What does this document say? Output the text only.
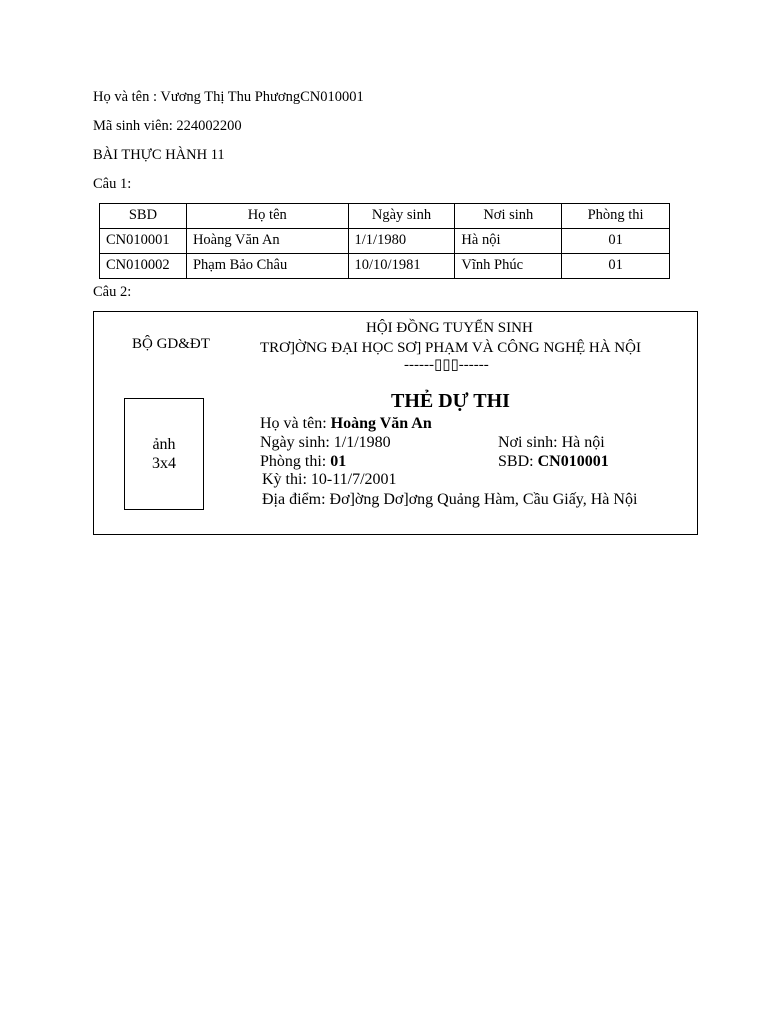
Họ và tên : Vương Thị Thu PhươngCN010001
Mã sinh viên: 224002200
BÀI THỰC HÀNH 11
Câu 1:
SBD	Họ tên	Ngày sinh	Nơi sinh	Phòng thi
CN010001	Hoàng Văn An	1/1/1980	Hà nội	01
CN010002	Phạm Bảo Châu	10/10/1981	Vĩnh Phúc	01
Câu 2:
BỘ GD&ĐT
HỘI ĐỒNG TUYỂN SINH
TRƠ]ỜNG ĐẠI HỌC SƠ] PHẠM VÀ CÔNG NGHỆ HÀ NỘI
------▯▯▯------
THẺ DỰ THI
ảnh
3x4
Họ và tên: Hoàng Văn An
Ngày sinh: 1/1/1980	Nơi sinh: Hà nội
Phòng thi: 01	SBD: CN010001
Kỳ thi: 10-11/7/2001
Địa điểm: Đơ]ờng Dơ]ơng Quảng Hàm, Cầu Giấy, Hà Nội
